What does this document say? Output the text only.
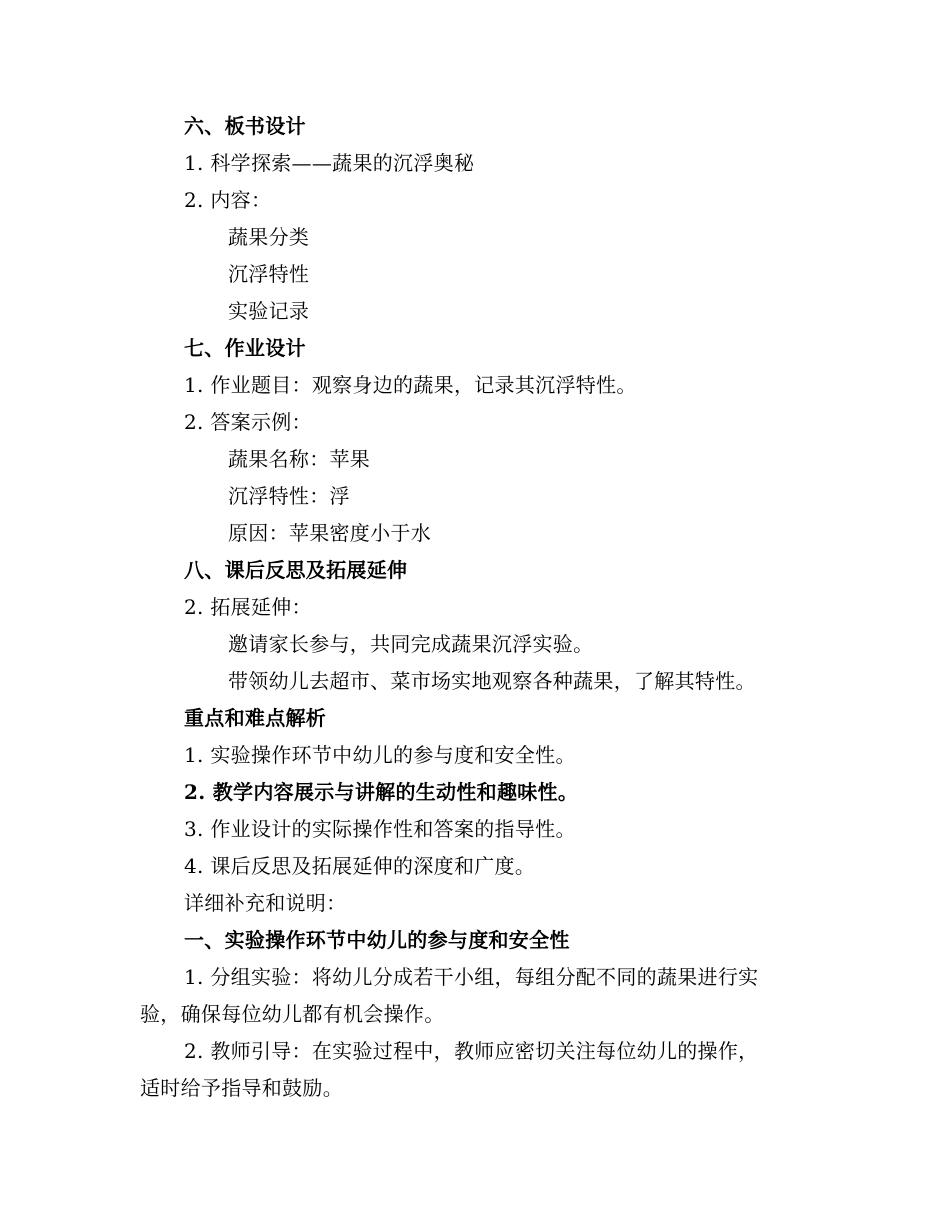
六、板书设计
1. 科学探索——蔬果的沉浮奥秘
2. 内容：
蔬果分类
沉浮特性
实验记录
七、作业设计
1. 作业题目：观察身边的蔬果，记录其沉浮特性。
2. 答案示例：
蔬果名称：苹果
沉浮特性：浮
原因：苹果密度小于水
八、课后反思及拓展延伸
2. 拓展延伸：
邀请家长参与，共同完成蔬果沉浮实验。
带领幼儿去超市、菜市场实地观察各种蔬果，了解其特性。
重点和难点解析
1. 实验操作环节中幼儿的参与度和安全性。
2. 教学内容展示与讲解的生动性和趣味性。
3. 作业设计的实际操作性和答案的指导性。
4. 课后反思及拓展延伸的深度和广度。
详细补充和说明：
一、实验操作环节中幼儿的参与度和安全性
1. 分组实验：将幼儿分成若干小组，每组分配不同的蔬果进行实
验，确保每位幼儿都有机会操作。
2. 教师引导：在实验过程中，教师应密切关注每位幼儿的操作，
适时给予指导和鼓励。
